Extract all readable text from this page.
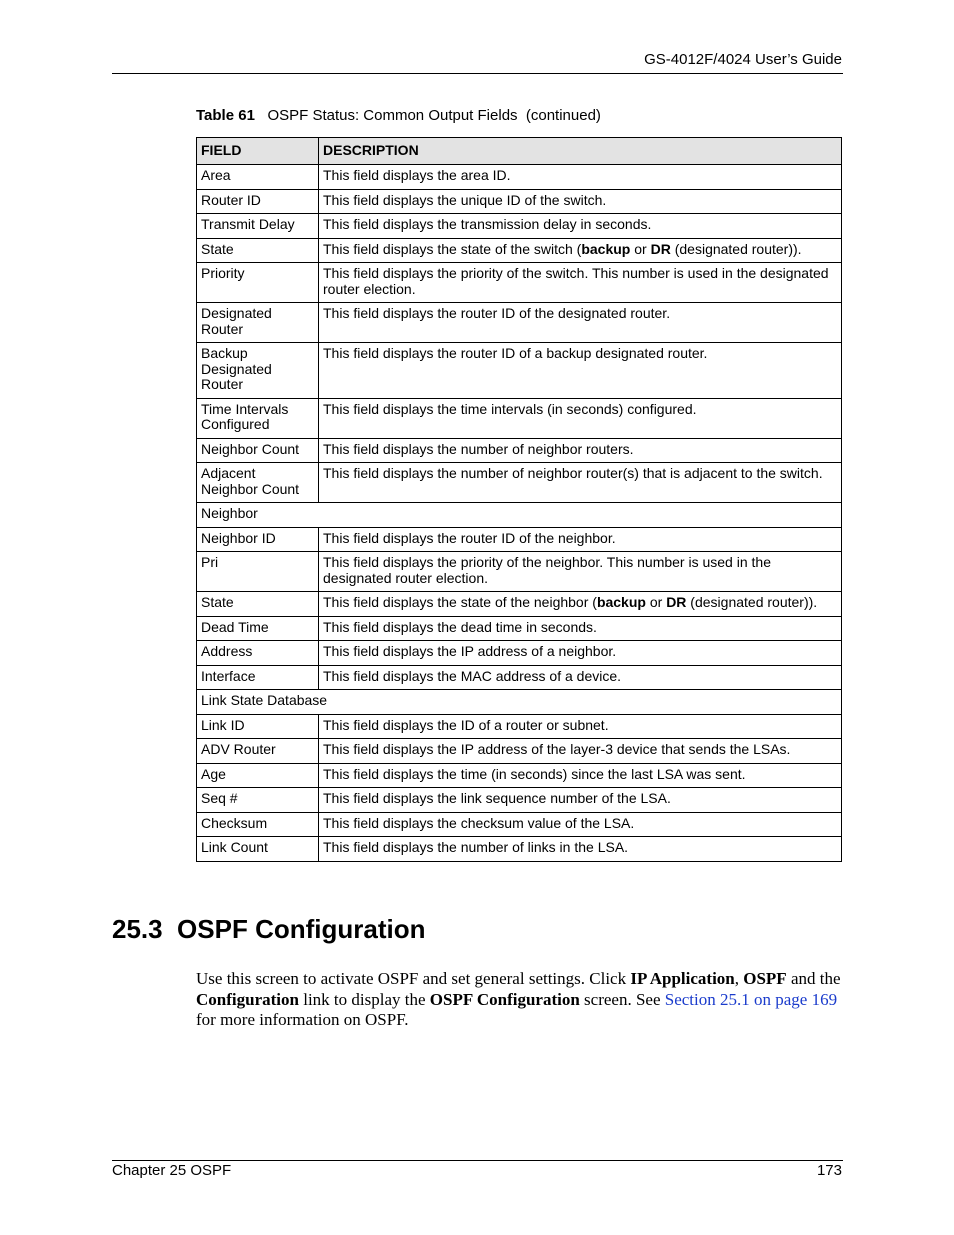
GS-4012F/4024 User’s Guide
Table 61 OSPF Status: Common Output Fields  (continued)
FIELD	DESCRIPTION
Area	This field displays the area ID.
Router ID	This field displays the unique ID of the switch.
Transmit Delay	This field displays the transmission delay in seconds.
State	This field displays the state of the switch (backup or DR (designated router)).
Priority	This field displays the priority of the switch. This number is used in the designated router election.
Designated Router	This field displays the router ID of the designated router.
Backup Designated Router	This field displays the router ID of a backup designated router.
Time Intervals Configured	This field displays the time intervals (in seconds) configured.
Neighbor Count	This field displays the number of neighbor routers.
Adjacent Neighbor Count	This field displays the number of neighbor router(s) that is adjacent to the switch.
Neighbor	
Neighbor ID	This field displays the router ID of the neighbor.
Pri	This field displays the priority of the neighbor. This number is used in the designated router election.
State	This field displays the state of the neighbor (backup or DR (designated router)).
Dead Time	This field displays the dead time in seconds.
Address	This field displays the IP address of a neighbor.
Interface	This field displays the MAC address of a device.
Link State Database	
Link ID	This field displays the ID of a router or subnet.
ADV Router	This field displays the IP address of the layer-3 device that sends the LSAs.
Age	This field displays the time (in seconds) since the last LSA was sent.
Seq #	This field displays the link sequence number of the LSA.
Checksum	This field displays the checksum value of the LSA.
Link Count	This field displays the number of links in the LSA.
25.3  OSPF Configuration
Use this screen to activate OSPF and set general settings. Click IP Application, OSPF and the Configuration link to display the OSPF Configuration screen. See Section 25.1 on page 169 for more information on OSPF.
Chapter 25 OSPF	173
